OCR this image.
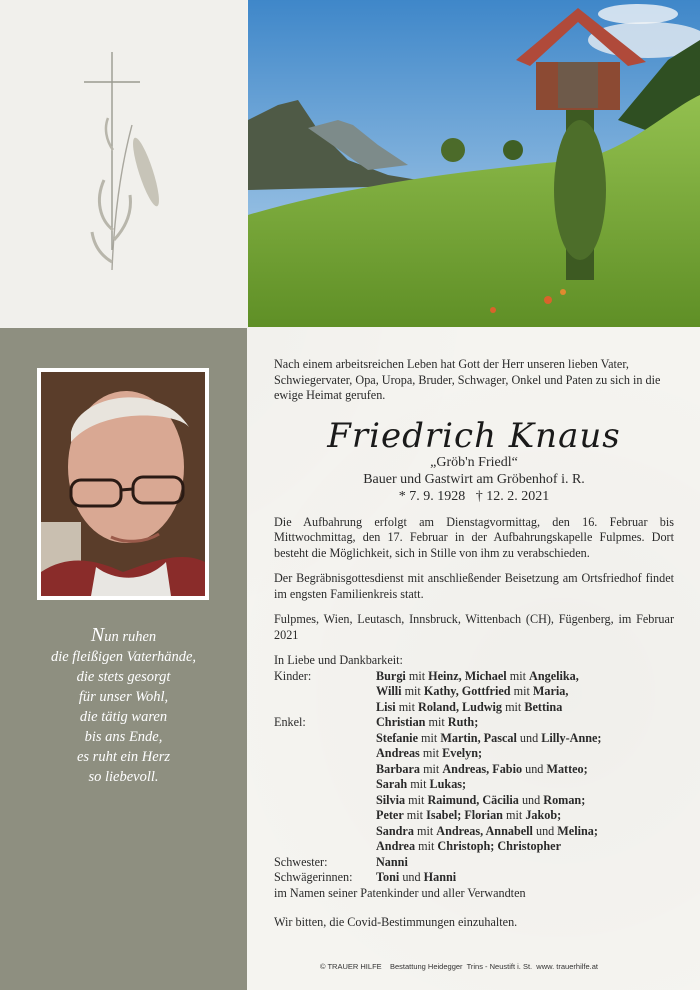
Nun ruhen
die fleißigen Vaterhände,
die stets gesorgt
für unser Wohl,
die tätig waren
bis ans Ende,
es ruht ein Herz
so liebevoll.
Nach einem arbeitsreichen Leben hat Gott der Herr unseren lieben Vater, Schwiegervater, Opa, Uropa, Bruder, Schwager, Onkel und Paten zu sich in die ewige Heimat gerufen.
Friedrich Knaus
„Gröb'n Friedl“
Bauer und Gastwirt am Gröbenhof i. R.
* 7. 9. 1928   † 12. 2. 2021
Die Aufbahrung erfolgt am Dienstagvormittag, den 16. Februar bis Mittwochmittag, den 17. Februar in der Aufbahrungskapelle Fulpmes. Dort besteht die Möglichkeit, sich in Stille von ihm zu verabschieden.
Der Begräbnisgottesdienst mit anschließender Beisetzung am Ortsfriedhof findet im engsten Familienkreis statt.
Fulpmes, Wien, Leutasch, Innsbruck, Wittenbach (CH), Fügenberg, im Februar 2021
In Liebe und Dankbarkeit:
Kinder:	Burgi mit Heinz, Michael mit Angelika,
Willi mit Kathy, Gottfried mit Maria,
Lisi mit Roland, Ludwig mit Bettina
Enkel:	Christian mit Ruth;
Stefanie mit Martin, Pascal und Lilly-Anne;
Andreas mit Evelyn;
Barbara mit Andreas, Fabio und Matteo;
Sarah mit Lukas;
Silvia mit Raimund, Cäcilia und Roman;
Peter mit Isabel; Florian mit Jakob;
Sandra mit Andreas, Annabell und Melina;
Andrea mit Christoph; Christopher
Schwester:	Nanni
Schwägerinnen:	Toni und Hanni
im Namen seiner Patenkinder und aller Verwandten
Wir bitten, die Covid-Bestimmungen einzuhalten.
© TRAUER HILFE    Bestattung Heidegger  Trins - Neustift i. St.  www. trauerhilfe.at
